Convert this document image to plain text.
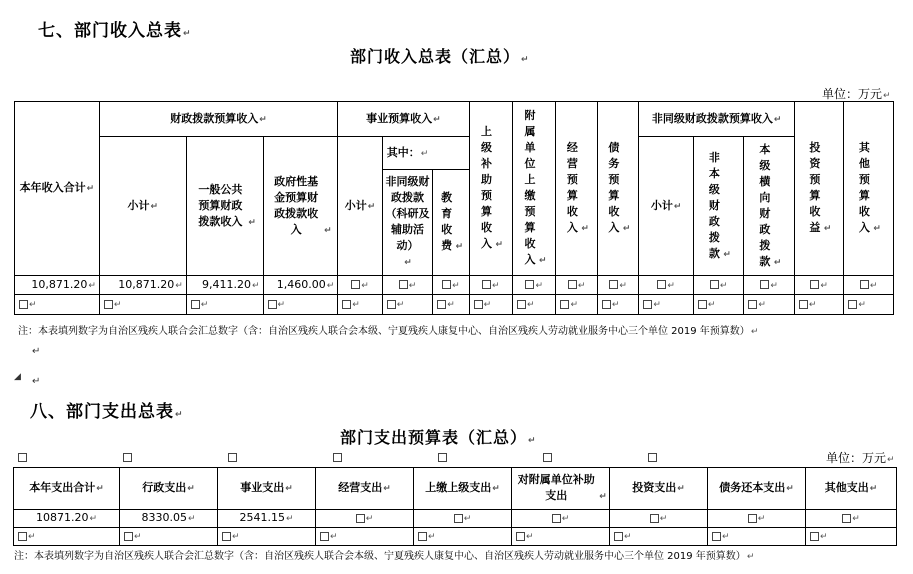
七、部门收入总表↵
部门收入总表（汇总）↵
单位：万元↵
本年收入合计↵	财政拨款预算收入↵			事业预算收入↵			上级补助预算收入 ↵	附属单位上缴预算收入 ↵	经营预算收入 ↵	债务预算收入 ↵	非同级财政拨款预算收入↵			投资预算收益 ↵	其他预算收入 ↵
	小计↵	一般公共预算财政拨款收入 ↵	政府性基金预算财政拨款收入 ↵	小计↵	其中：↵						小计↵	非本级财政拨款 ↵	本级横向财政拨款 ↵		
					非同级财政拨款（科研及辅助活动）↵	教育收费 ↵									
10,871.20↵	10,871.20↵	9,411.20↵	1,460.00↵	↵	↵	↵	↵	↵	↵	↵	↵	↵	↵	↵	↵
↵	↵	↵	↵	↵	↵	↵	↵	↵	↵	↵	↵	↵	↵	↵	↵
注：本表填列数字为自治区残疾人联合会汇总数字（含：自治区残疾人联合会本级、宁夏残疾人康复中心、自治区残疾人劳动就业服务中心三个单位 2019 年预算数）↵
↵
◢ ↵
八、部门支出总表↵
部门支出预算表（汇总）↵
单位：万元↵
本年支出合计↵	行政支出↵	事业支出↵	经营支出↵	上缴上级支出↵	对附属单位补助支出 ↵	投资支出↵	债务还本支出↵	其他支出↵
10871.20↵	8330.05↵	2541.15↵	↵	↵	↵	↵	↵	↵
↵	↵	↵	↵	↵	↵	↵	↵	↵
注：本表填列数字为自治区残疾人联合会汇总数字（含：自治区残疾人联合会本级、宁夏残疾人康复中心、自治区残疾人劳动就业服务中心三个单位 2019 年预算数）↵
